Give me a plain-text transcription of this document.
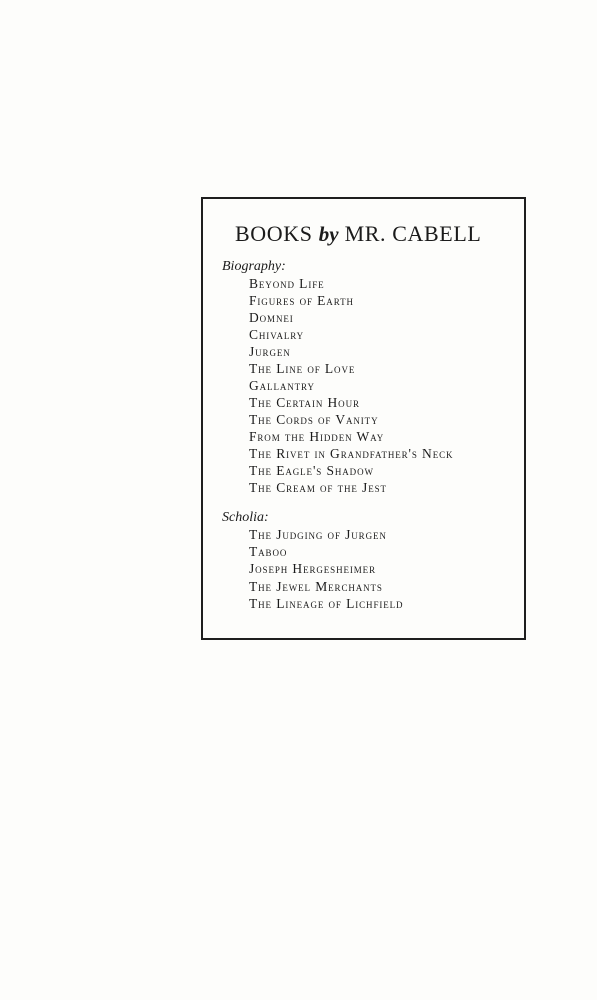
BOOKS by MR. CABELL
Biography:
Beyond Life
Figures of Earth
Domnei
Chivalry
Jurgen
The Line of Love
Gallantry
The Certain Hour
The Cords of Vanity
From the Hidden Way
The Rivet in Grandfather's Neck
The Eagle's Shadow
The Cream of the Jest
Scholia:
The Judging of Jurgen
Taboo
Joseph Hergesheimer
The Jewel Merchants
The Lineage of Lichfield
